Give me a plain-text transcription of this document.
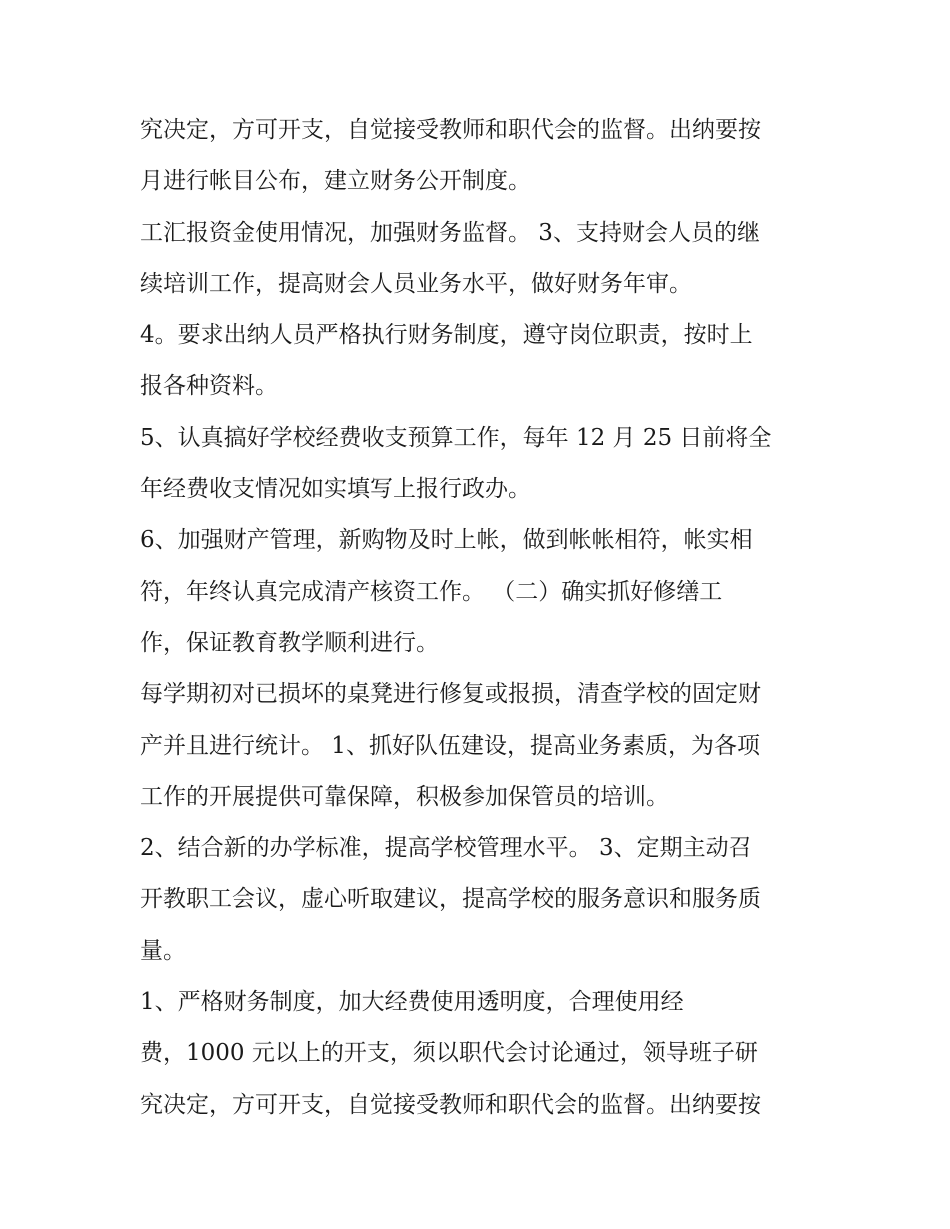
究决定，方可开支，自觉接受教师和职代会的监督。出纳要按
月进行帐目公布，建立财务公开制度。
工汇报资金使用情况，加强财务监督。 3、支持财会人员的继
续培训工作，提高财会人员业务水平，做好财务年审。
4。要求出纳人员严格执行财务制度，遵守岗位职责，按时上
报各种资料。
5、认真搞好学校经费收支预算工作，每年 12 月 25 日前将全
年经费收支情况如实填写上报行政办。
6、加强财产管理，新购物及时上帐，做到帐帐相符，帐实相
符，年终认真完成清产核资工作。 （二）确实抓好修缮工
作，保证教育教学顺利进行。
每学期初对已损坏的桌凳进行修复或报损，清查学校的固定财
产并且进行统计。 1、抓好队伍建设，提高业务素质，为各项
工作的开展提供可靠保障，积极参加保管员的培训。
2、结合新的办学标准，提高学校管理水平。 3、定期主动召
开教职工会议，虚心听取建议，提高学校的服务意识和服务质
量。
1、严格财务制度，加大经费使用透明度，合理使用经
费，1000 元以上的开支，须以职代会讨论通过，领导班子研
究决定，方可开支，自觉接受教师和职代会的监督。出纳要按
